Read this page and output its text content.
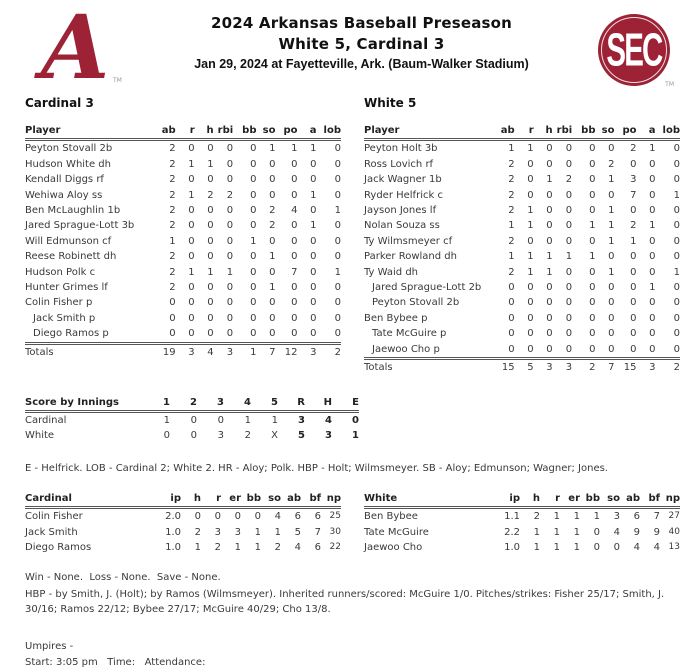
A TM
2024 Arkansas Baseball Preseason
White 5, Cardinal 3
Jan 29, 2024 at Fayetteville, Ark. (Baum-Walker Stadium)	SEC
TM
Cardinal 3
Player	ab	r	h	rbi	bb	so	po	a	lob
Peyton Stovall 2b	2	0	0	0	0	1	1	1	0
Hudson White dh	2	1	1	0	0	0	0	0	0
Kendall Diggs rf	2	0	0	0	0	0	0	0	0
Wehiwa Aloy ss	2	1	2	2	0	0	0	1	0
Ben McLaughlin 1b	2	0	0	0	0	2	4	0	1
Jared Sprague-Lott 3b	2	0	0	0	0	2	0	1	0
Will Edmunson cf	1	0	0	0	1	0	0	0	0
Reese Robinett dh	2	0	0	0	0	1	0	0	0
Hudson Polk c	2	1	1	1	0	0	7	0	1
Hunter Grimes lf	2	0	0	0	0	1	0	0	0
Colin Fisher p	0	0	0	0	0	0	0	0	0
Jack Smith p	0	0	0	0	0	0	0	0	0
Diego Ramos p	0	0	0	0	0	0	0	0	0
Totals	19	3	4	3	1	7	12	3	2
White 5
Player	ab	r	h	rbi	bb	so	po	a	lob
Peyton Holt 3b	1	1	0	0	0	0	2	1	0
Ross Lovich rf	2	0	0	0	0	2	0	0	0
Jack Wagner 1b	2	0	1	2	0	1	3	0	0
Ryder Helfrick c	2	0	0	0	0	0	7	0	1
Jayson Jones lf	2	1	0	0	0	1	0	0	0
Nolan Souza ss	1	1	0	0	1	1	2	1	0
Ty Wilmsmeyer cf	2	0	0	0	0	1	1	0	0
Parker Rowland dh	1	1	1	1	1	0	0	0	0
Ty Waid dh	2	1	1	0	0	1	0	0	1
Jared Sprague-Lott 2b	0	0	0	0	0	0	0	1	0
Peyton Stovall 2b	0	0	0	0	0	0	0	0	0
Ben Bybee p	0	0	0	0	0	0	0	0	0
Tate McGuire p	0	0	0	0	0	0	0	0	0
Jaewoo Cho p	0	0	0	0	0	0	0	0	0
Totals	15	5	3	3	2	7	15	3	2
Score by Innings	1	2	3	4	5	R	H	E
Cardinal	1	0	0	1	1	3	4	0
White	0	0	3	2	X	5	3	1
E - Helfrick. LOB - Cardinal 2; White 2. HR - Aloy; Polk. HBP - Holt; Wilmsmeyer. SB - Aloy; Edmunson; Wagner; Jones.
Cardinal	ip	h	r	er	bb	so	ab	bf	np
Colin Fisher	2.0	0	0	0	0	4	6	6	25
Jack Smith	1.0	2	3	3	1	1	5	7	30
Diego Ramos	1.0	1	2	1	1	2	4	6	22
White	ip	h	r	er	bb	so	ab	bf	np
Ben Bybee	1.1	2	1	1	1	3	6	7	27
Tate McGuire	2.2	1	1	1	0	4	9	9	40
Jaewoo Cho	1.0	1	1	1	0	0	4	4	13
Win - None.  Loss - None.  Save - None.
HBP - by Smith, J. (Holt); by Ramos (Wilmsmeyer). Inherited runners/scored: McGuire 1/0. Pitches/strikes: Fisher 25/17; Smith, J. 30/16; Ramos 22/12; Bybee 27/17; McGuire 40/29; Cho 13/8.
Umpires -
Start: 3:05 pm   Time:   Attendance:
